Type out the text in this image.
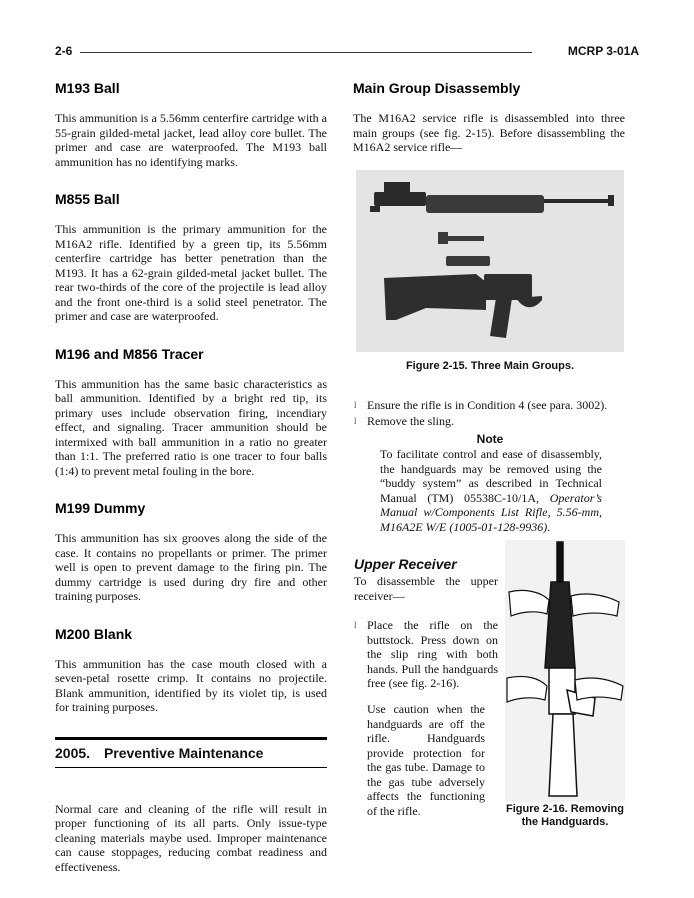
2-6	MCRP 3-01A
M193 Ball

This ammunition is a 5.56mm centerfire cartridge with a 55-grain gilded-metal jacket, lead alloy core bullet. The primer and case are waterproofed. The M193 ball ammunition has no identifying marks.

M855 Ball

This ammunition is the primary ammunition for the M16A2 rifle. Identified by a green tip, its 5.56mm centerfire cartridge has better penetration than the M193. It has a 62-grain gilded-metal jacket bullet. The rear two-thirds of the core of the projectile is lead alloy and the front one-third is a solid steel penetrator. The primer and case are waterproofed.

M196 and M856 Tracer

This ammunition has the same basic characteristics as ball ammunition. Identified by a bright red tip, its primary uses include observation firing, incendiary effect, and signaling. Tracer ammunition should be intermixed with ball ammunition in a ratio no greater than 1:1. The preferred ratio is one tracer to four balls (1:4) to prevent metal fouling in the bore.

M199 Dummy

This ammunition has six grooves along the side of the case. It contains no propellants or primer. The primer well is open to prevent damage to the firing pin. The dummy cartridge is used during dry fire and other training purposes.

M200 Blank

This ammunition has the case mouth closed with a seven-petal rosette crimp. It contains no projectile. Blank ammunition, identified by its violet tip, is used for training purposes.

2005. Preventive Maintenance

Normal care and cleaning of the rifle will result in proper functioning of its all parts. Only issue-type cleaning materials maybe used. Improper maintenance can cause stoppages, reducing combat readiness and effectiveness.

Main Group Disassembly

The M16A2 service rifle is disassembled into three main groups (see fig. 2-15). Before disassembling the M16A2 service rifle—

Figure 2-15. Three Main Groups.
l Ensure the rifle is in Condition 4 (see para. 3002).
l Remove the sling.
Note
To facilitate control and ease of disassembly, the handguards may be removed using the “buddy system” as described in Technical Manual (TM) 05538C-10/1A, Operator’s Manual w/Components List Rifle, 5.56-mm, M16A2E W/E (1005-01-128-9936).
Upper Receiver
To disassemble the upper receiver—
l Place the rifle on the buttstock. Press down on the slip ring with both hands. Pull the handguards free (see fig. 2-16).
Use caution when the handguards are off the rifle. Handguards provide protection for the gas tube. Damage to the gas tube adversely affects the functioning of the rifle.	Figure 2-16. Removing the Handguards.
